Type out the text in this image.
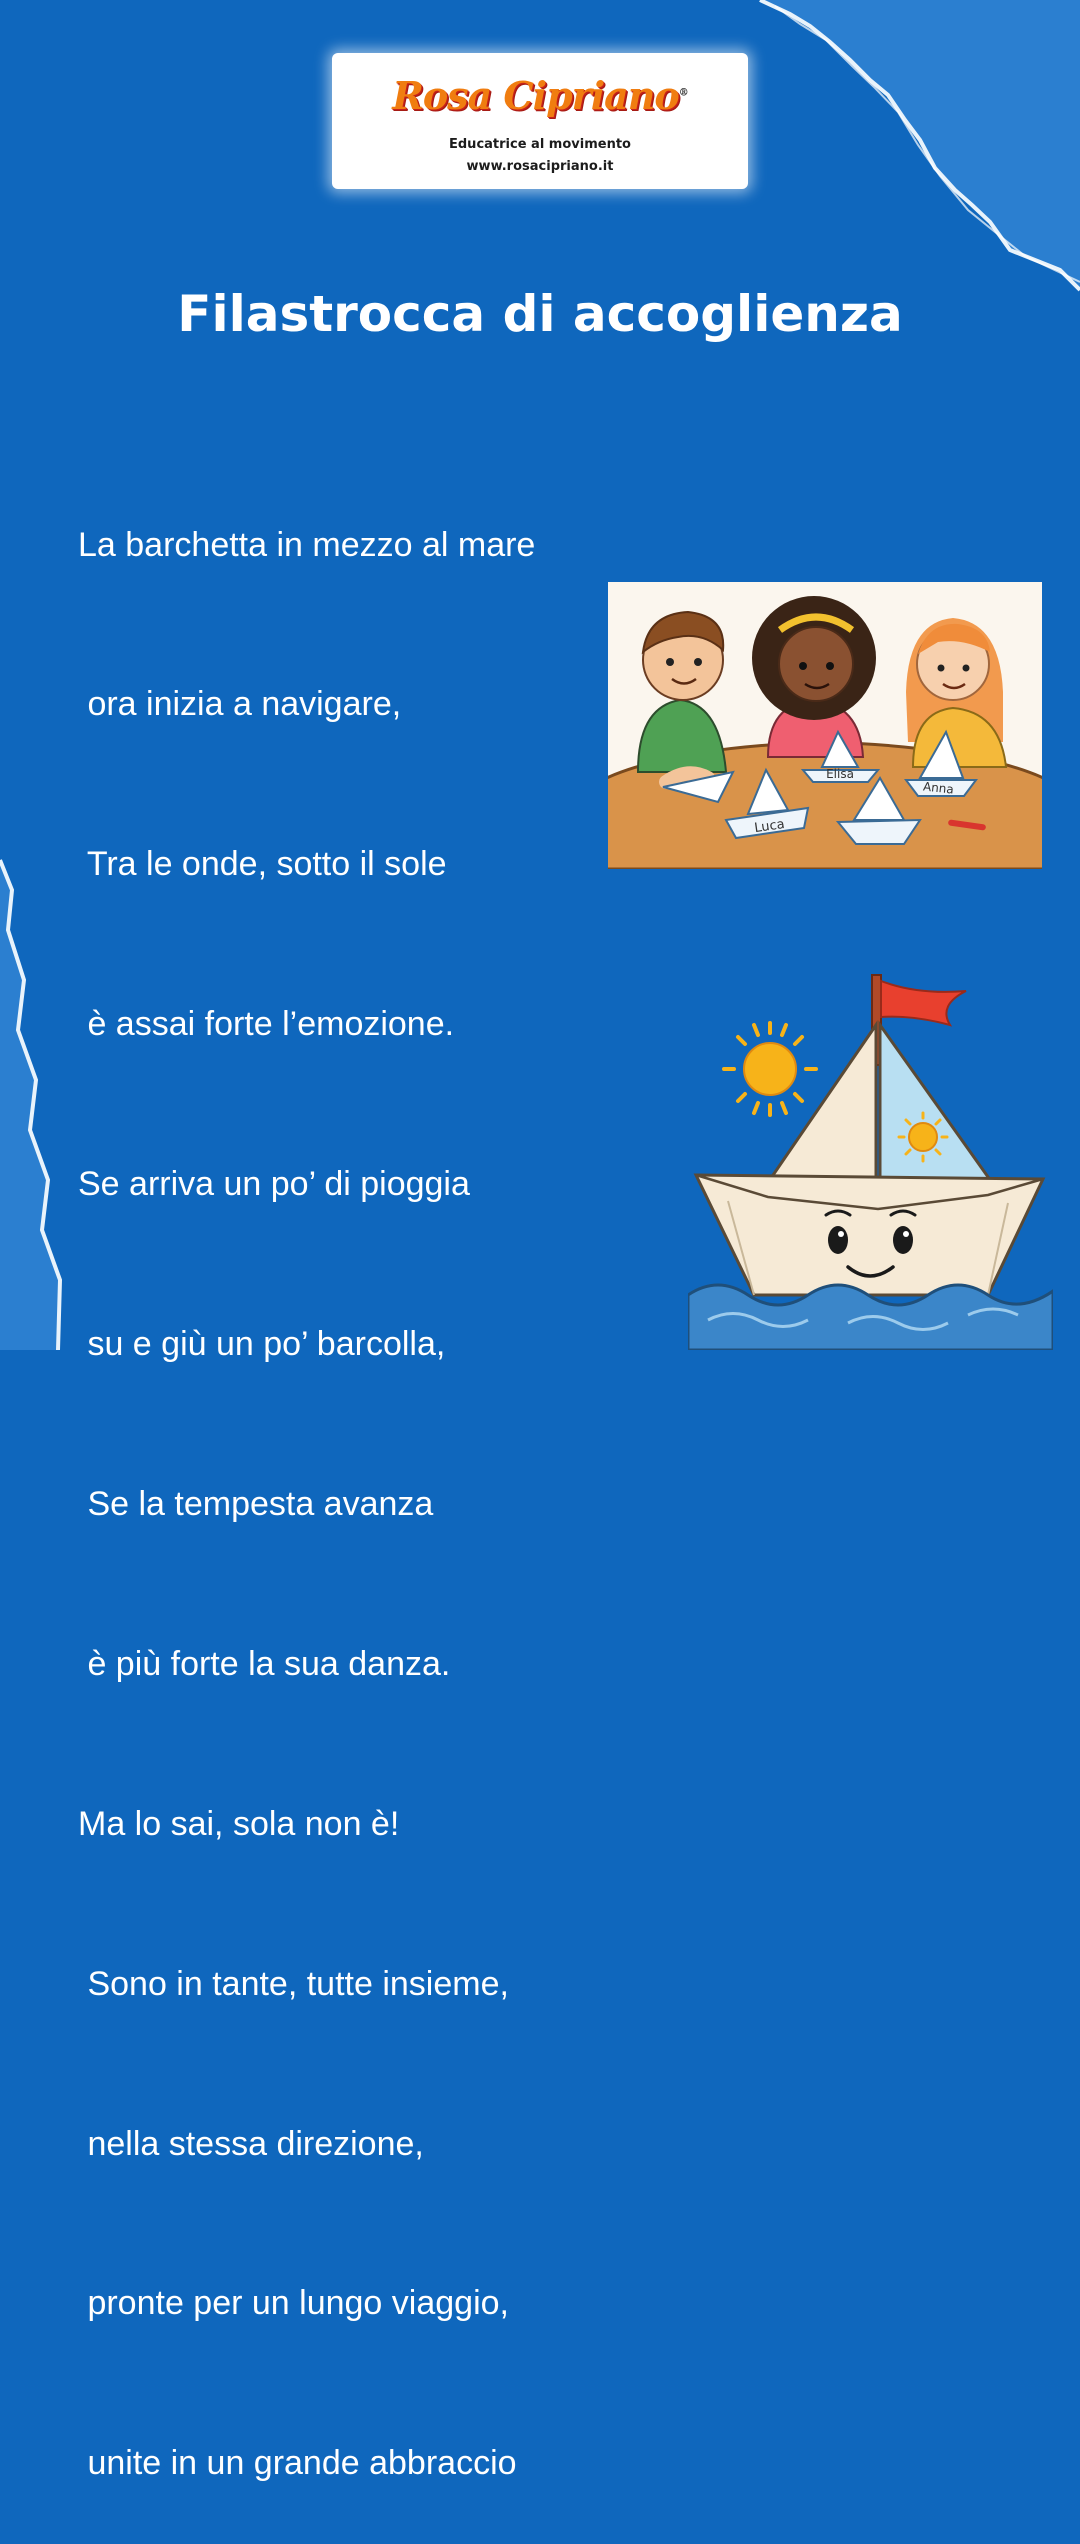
Rosa Cipriano®
Educatrice al movimento
www.rosacipriano.it
Filastrocca di accoglienza

La barchetta in mezzo al mare

ora inizia a navigare,

Tra le onde, sotto il sole

è assai forte l’emozione.

Se arriva un po’ di pioggia

su e giù un po’ barcolla,

Se la tempesta avanza

è più forte la sua danza.

Ma lo sai, sola non è!

Sono in tante, tutte insieme,

nella stessa direzione,

pronte per un lungo viaggio,

unite in un grande abbraccio

Elisa
Anna
Luca
